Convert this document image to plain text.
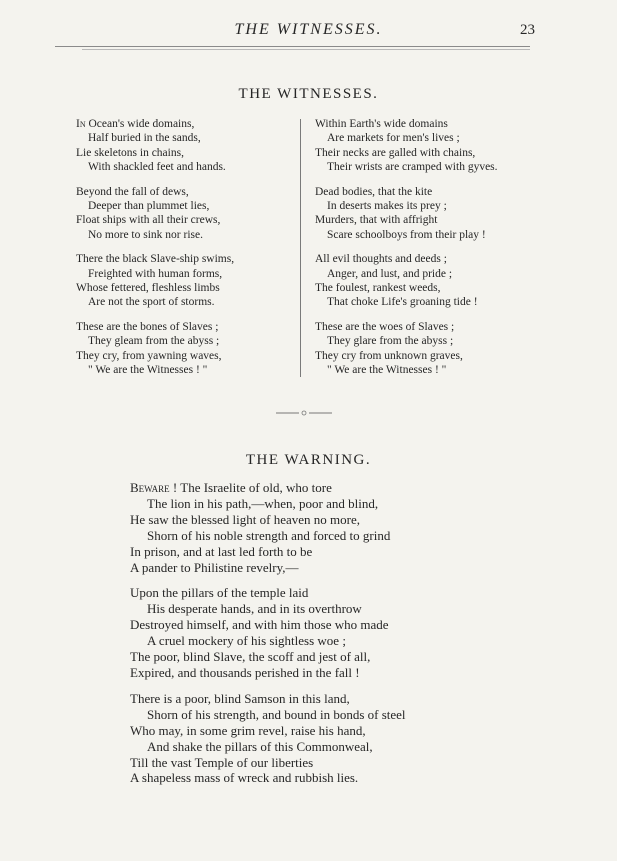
THE WITNESSES.	23
THE WITNESSES.
In Ocean's wide domains,
Half buried in the sands,
Lie skeletons in chains,
With shackled feet and hands.
Beyond the fall of dews,
Deeper than plummet lies,
Float ships with all their crews,
No more to sink nor rise.
There the black Slave-ship swims,
Freighted with human forms,
Whose fettered, fleshless limbs
Are not the sport of storms.
These are the bones of Slaves ;
They gleam from the abyss ;
They cry, from yawning waves,
" We are the Witnesses ! "
Within Earth's wide domains
Are markets for men's lives ;
Their necks are galled with chains,
Their wrists are cramped with gyves.
Dead bodies, that the kite
In deserts makes its prey ;
Murders, that with affright
Scare schoolboys from their play !
All evil thoughts and deeds ;
Anger, and lust, and pride ;
The foulest, rankest weeds,
That choke Life's groaning tide !
These are the woes of Slaves ;
They glare from the abyss ;
They cry from unknown graves,
" We are the Witnesses ! "
THE WARNING.
Beware ! The Israelite of old, who tore
The lion in his path,—when, poor and blind,
He saw the blessed light of heaven no more,
Shorn of his noble strength and forced to grind
In prison, and at last led forth to be
A pander to Philistine revelry,—
Upon the pillars of the temple laid
His desperate hands, and in its overthrow
Destroyed himself, and with him those who made
A cruel mockery of his sightless woe ;
The poor, blind Slave, the scoff and jest of all,
Expired, and thousands perished in the fall !
There is a poor, blind Samson in this land,
Shorn of his strength, and bound in bonds of steel
Who may, in some grim revel, raise his hand,
And shake the pillars of this Commonweal,
Till the vast Temple of our liberties
A shapeless mass of wreck and rubbish lies.
